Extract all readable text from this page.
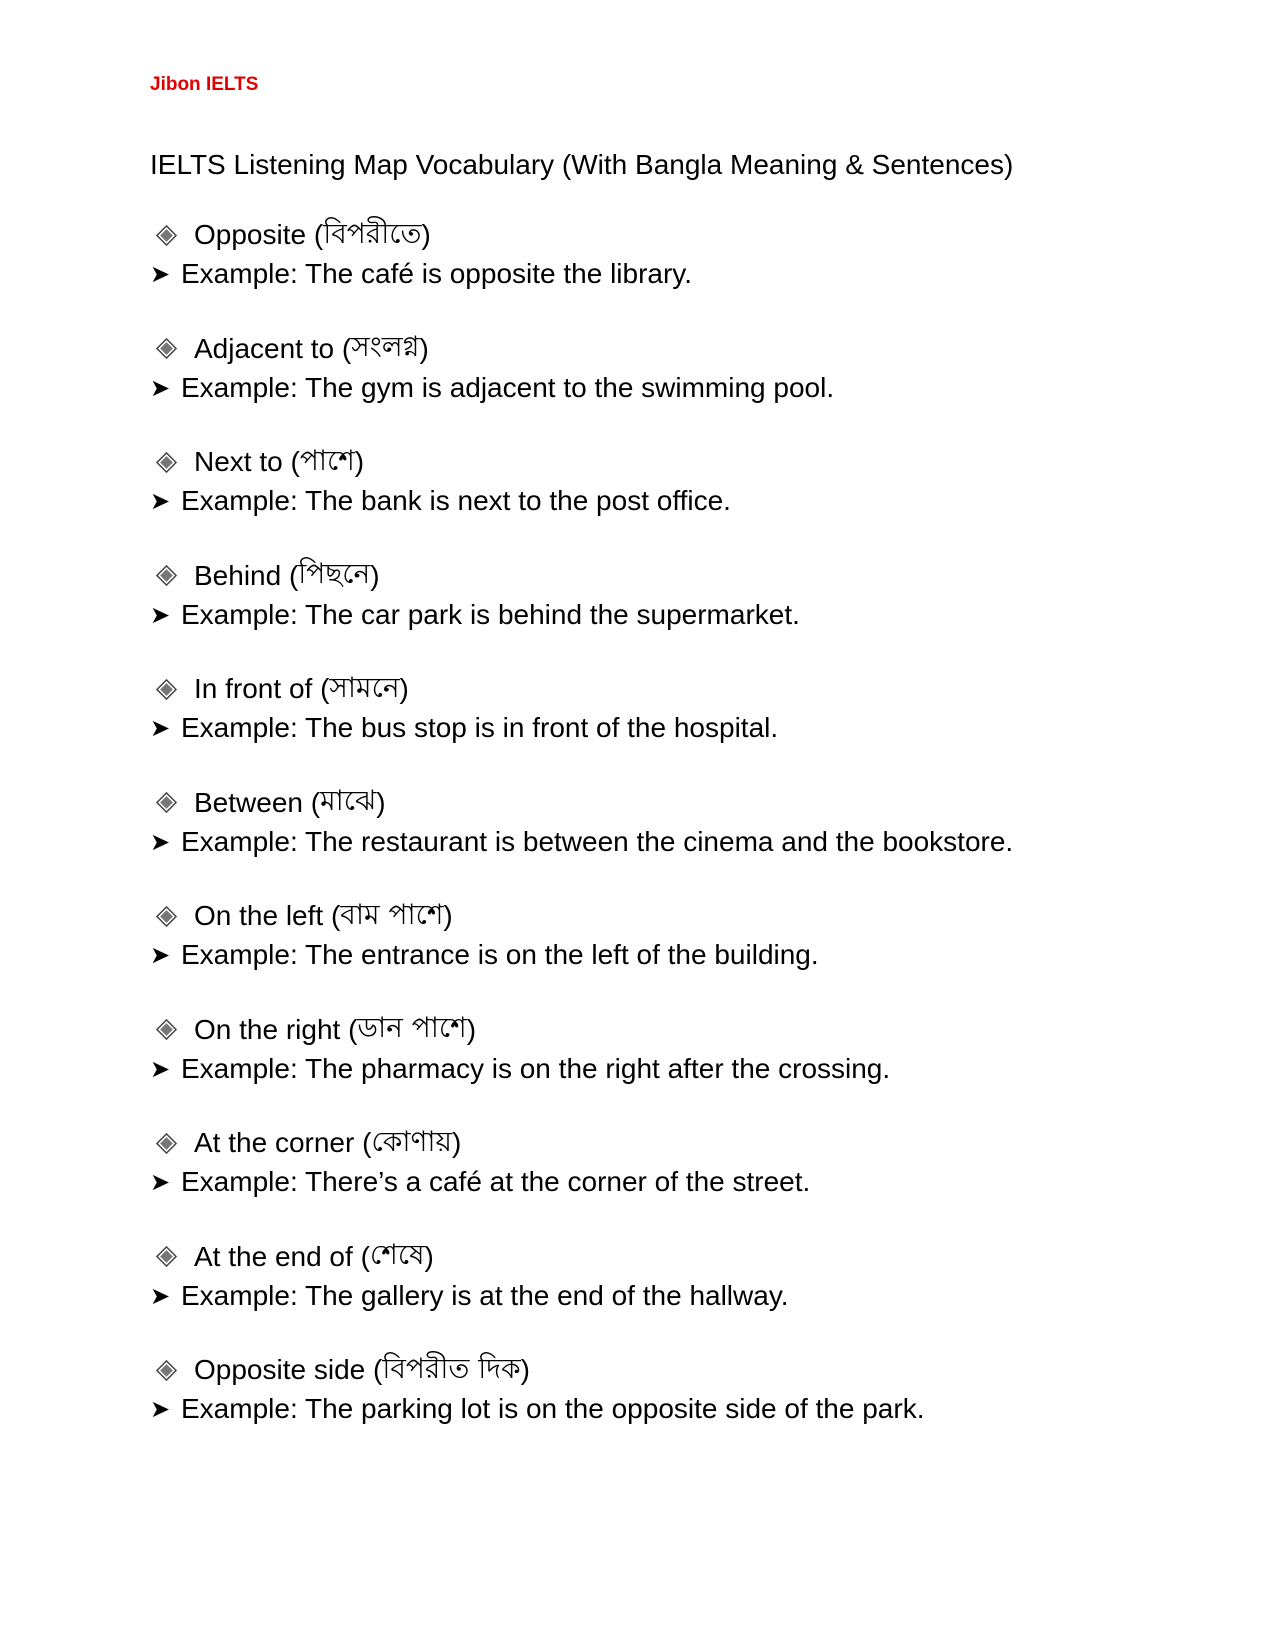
Jibon IELTS
IELTS Listening Map Vocabulary (With Bangla Meaning & Sentences)
Opposite ( বিপরীতে )
➤ Example: The café is opposite the library.
Adjacent to ( সংলগ্ন )
➤ Example: The gym is adjacent to the swimming pool.
Next to ( পাশে )
➤ Example: The bank is next to the post office.
Behind ( পিছনে )
➤ Example: The car park is behind the supermarket.
In front of ( সামনে )
➤ Example: The bus stop is in front of the hospital.
Between ( মাঝে )
➤ Example: The restaurant is between the cinema and the bookstore.
On the left ( বাম পাশে )
➤ Example: The entrance is on the left of the building.
On the right ( ডান পাশে )
➤ Example: The pharmacy is on the right after the crossing.
At the corner ( কোণায় )
➤ Example: There’s a café at the corner of the street.
At the end of ( শেষে )
➤ Example: The gallery is at the end of the hallway.
Opposite side ( বিপরীত দিক )
➤ Example: The parking lot is on the opposite side of the park.
